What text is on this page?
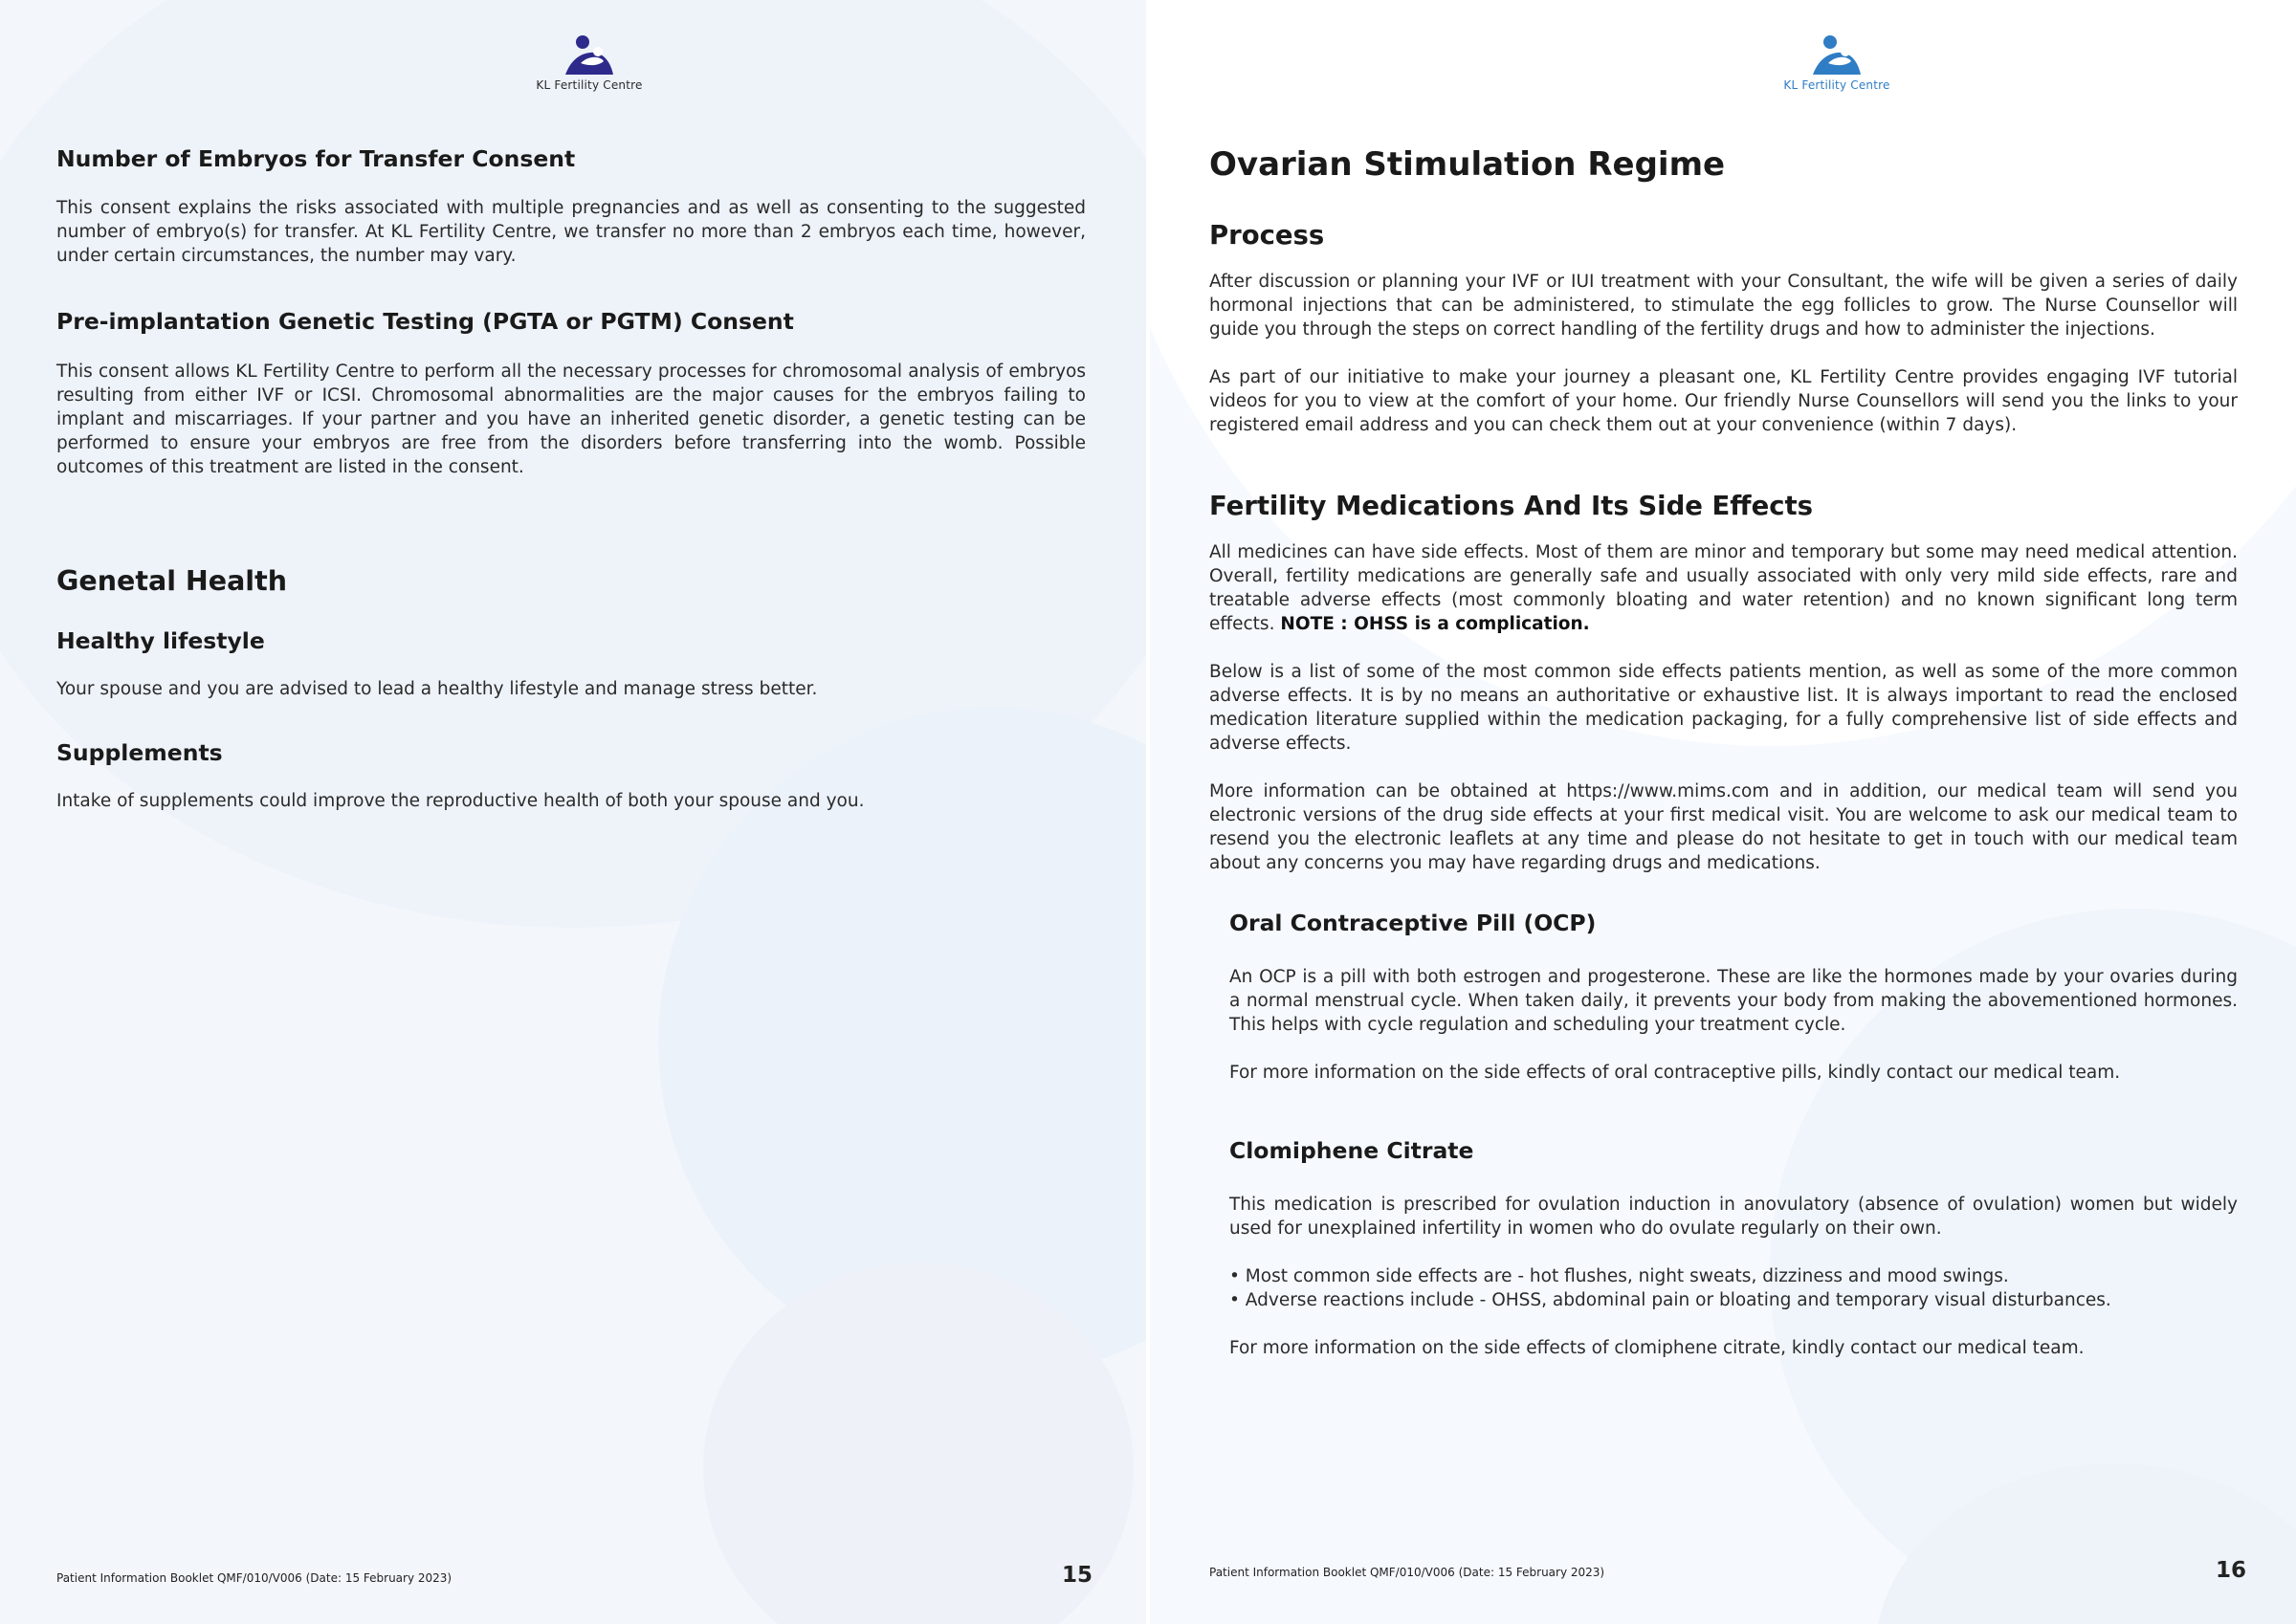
KL Fertility Centre
Number of Embryos for Transfer Consent

This consent explains the risks associated with multiple pregnancies and as well as consenting to the suggested number of embryo(s) for transfer. At KL Fertility Centre, we transfer no more than 2 embryos each time, however, under certain circumstances, the number may vary.

Pre-implantation Genetic Testing (PGTA or PGTM) Consent

This consent allows KL Fertility Centre to perform all the necessary processes for chromosomal analysis of embryos resulting from either IVF or ICSI. Chromosomal abnormalities are the major causes for the embryos failing to implant and miscarriages. If your partner and you have an inherited genetic disorder, a genetic testing can be performed to ensure your embryos are free from the disorders before transferring into the womb. Possible outcomes of this treatment are listed in the consent.

Genetal Health
Healthy lifestyle

Your spouse and you are advised to lead a healthy lifestyle and manage stress better.

Supplements

Intake of supplements could improve the reproductive health of both your spouse and you.

Patient Information Booklet QMF/010/V006 (Date: 15 February 2023)	15
KL Fertility Centre
Ovarian Stimulation Regime
Process

After discussion or planning your IVF or IUI treatment with your Consultant, the wife will be given a series of daily hormonal injections that can be administered, to stimulate the egg follicles to grow. The Nurse Counsellor will guide you through the steps on correct handling of the fertility drugs and how to administer the injections.

As part of our initiative to make your journey a pleasant one, KL Fertility Centre provides engaging IVF tutorial videos for you to view at the comfort of your home. Our friendly Nurse Counsellors will send you the links to your registered email address and you can check them out at your convenience (within 7 days).

Fertility Medications And Its Side Effects

All medicines can have side effects. Most of them are minor and temporary but some may need medical attention. Overall, fertility medications are generally safe and usually associated with only very mild side effects, rare and treatable adverse effects (most commonly bloating and water retention) and no known significant long term effects. NOTE : OHSS is a complication.

Below is a list of some of the most common side effects patients mention, as well as some of the more common adverse effects. It is by no means an authoritative or exhaustive list. It is always important to read the enclosed medication literature supplied within the medication packaging, for a fully comprehensive list of side effects and adverse effects.

More information can be obtained at https://www.mims.com and in addition, our medical team will send you electronic versions of the drug side effects at your first medical visit. You are welcome to ask our medical team to resend you the electronic leaflets at any time and please do not hesitate to get in touch with our medical team about any concerns you may have regarding drugs and medications.

Oral Contraceptive Pill (OCP)

An OCP is a pill with both estrogen and progesterone. These are like the hormones made by your ovaries during a normal menstrual cycle. When taken daily, it prevents your body from making the abovementioned hormones. This helps with cycle regulation and scheduling your treatment cycle.

For more information on the side effects of oral contraceptive pills, kindly contact our medical team.

Clomiphene Citrate

This medication is prescribed for ovulation induction in anovulatory (absence of ovulation) women but widely used for unexplained infertility in women who do ovulate regularly on their own.

• Most common side effects are - hot flushes, night sweats, dizziness and mood swings.

• Adverse reactions include - OHSS, abdominal pain or bloating and temporary visual disturbances.

For more information on the side effects of clomiphene citrate, kindly contact our medical team.

Patient Information Booklet QMF/010/V006 (Date: 15 February 2023)	16
